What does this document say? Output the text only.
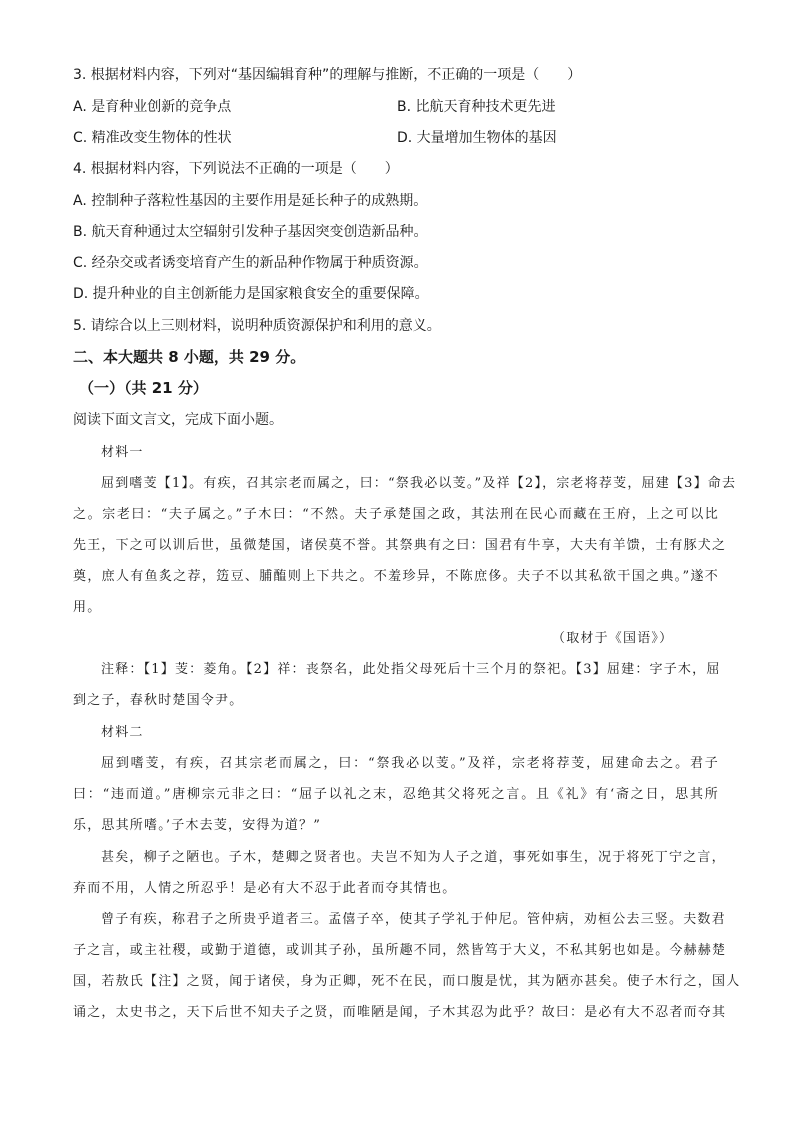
3. 根据材料内容，下列对“基因编辑育种”的理解与推断，不正确的一项是（　　）
A. 是育种业创新的竞争点	B. 比航天育种技术更先进
C. 精准改变生物体的性状	D. 大量增加生物体的基因
4. 根据材料内容，下列说法不正确的一项是（　　）
A. 控制种子落粒性基因的主要作用是延长种子的成熟期。
B. 航天育种通过太空辐射引发种子基因突变创造新品种。
C. 经杂交或者诱变培育产生的新品种作物属于种质资源。
D. 提升种业的自主创新能力是国家粮食安全的重要保障。
5. 请综合以上三则材料，说明种质资源保护和利用的意义。
二、本大题共 8 小题，共 29 分。
（一）（共 21 分）
阅读下面文言文，完成下面小题。
材料一
屈到嗜芰【1】。有疾，召其宗老而属之，曰：“祭我必以芰。”及祥【2】，宗老将荐芰，屈建【3】命去
之。宗老曰：“夫子属之。”子木曰：“不然。夫子承楚国之政，其法刑在民心而藏在王府，上之可以比
先王，下之可以训后世，虽微楚国，诸侯莫不誉。其祭典有之曰：国君有牛享，大夫有羊馈，士有豚犬之
奠，庶人有鱼炙之荐，笾豆、脯醢则上下共之。不羞珍异，不陈庶侈。夫子不以其私欲干国之典。”遂不
用。
（取材于《国语》）
注释：【1】芰：菱角。【2】祥：丧祭名，此处指父母死后十三个月的祭祀。【3】屈建：字子木，屈
到之子，春秋时楚国令尹。
材料二
屈到嗜芰，有疾，召其宗老而属之，曰：“祭我必以芰。”及祥，宗老将荐芰，屈建命去之。君子
曰：“违而道。”唐柳宗元非之曰：“屈子以礼之末，忍绝其父将死之言。且《礼》有‘斋之日，思其所
乐，思其所嗜。’子木去芰，安得为道？”
甚矣，柳子之陋也。子木，楚卿之贤者也。夫岂不知为人子之道，事死如事生，况于将死丁宁之言，
弃而不用，人情之所忍乎！是必有大不忍于此者而夺其情也。
曾子有疾，称君子之所贵乎道者三。孟僖子卒，使其子学礼于仲尼。管仲病，劝桓公去三竖。夫数君
子之言，或主社稷，或勤于道德，或训其子孙，虽所趣不同，然皆笃于大义，不私其躬也如是。今赫赫楚
国，若敖氏【注】之贤，闻于诸侯，身为正卿，死不在民，而口腹是忧，其为陋亦甚矣。使子木行之，国人
诵之，太史书之，天下后世不知夫子之贤，而唯陋是闻，子木其忍为此乎？故曰：是必有大不忍者而夺其
